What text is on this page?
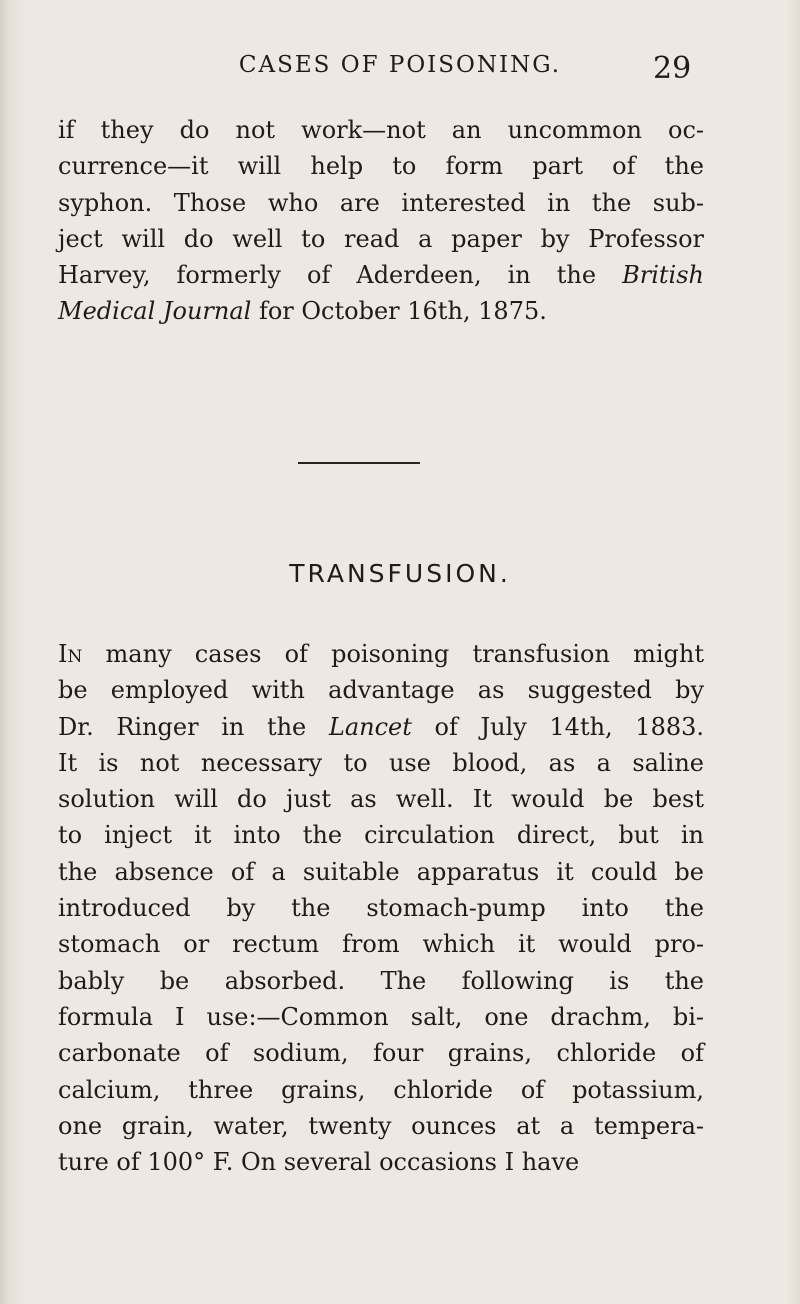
CASES OF POISONING.	29
if they do not work—not an uncommon oc-
currence—it will help to form part of the
syphon. Those who are interested in the sub-
ject will do well to read a paper by Professor
Harvey, formerly of Aderdeen, in the British
Medical Journal for October 16th, 1875.
TRANSFUSION.
In many cases of poisoning transfusion might
be employed with advantage as suggested by
Dr. Ringer in the Lancet of July 14th, 1883.
It is not necessary to use blood, as a saline
solution will do just as well. It would be best
to inject it into the circulation direct, but in
the absence of a suitable apparatus it could be
introduced by the stomach-pump into the
stomach or rectum from which it would pro-
bably be absorbed. The following is the
formula I use:—Common salt, one drachm, bi-
carbonate of sodium, four grains, chloride of
calcium, three grains, chloride of potassium,
one grain, water, twenty ounces at a tempera-
ture of 100° F. On several occasions I have
